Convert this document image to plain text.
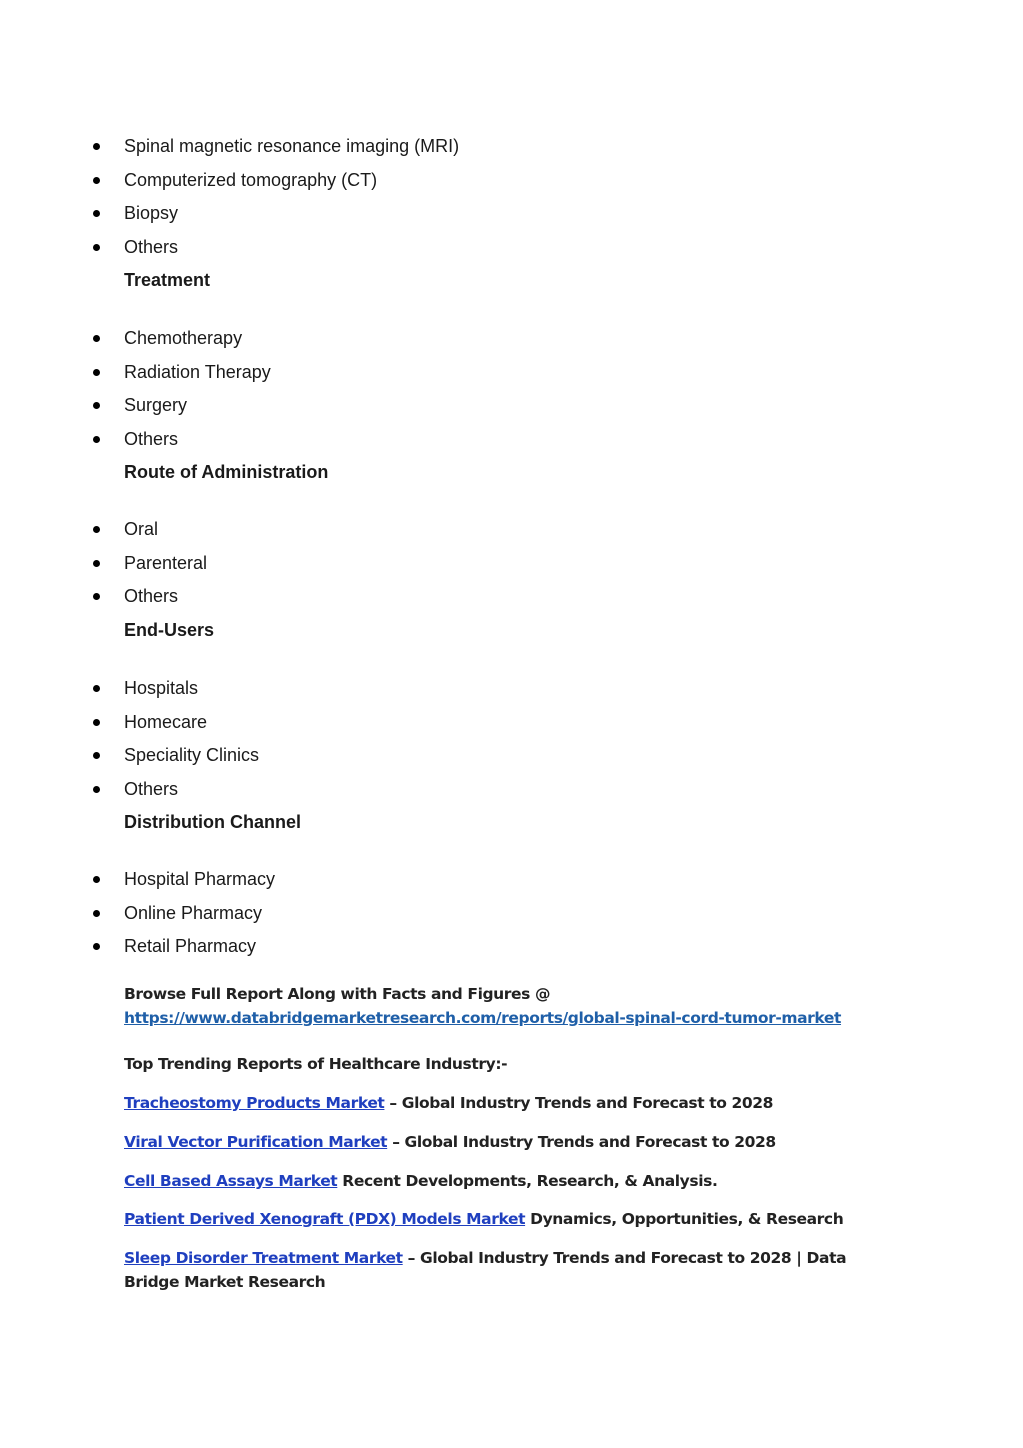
Spinal magnetic resonance imaging (MRI)
Computerized tomography (CT)
Biopsy
Others
Treatment
Chemotherapy
Radiation Therapy
Surgery
Others
Route of Administration
Oral
Parenteral
Others
End-Users
Hospitals
Homecare
Speciality Clinics
Others
Distribution Channel
Hospital Pharmacy
Online Pharmacy
Retail Pharmacy
Browse Full Report Along with Facts and Figures @
https://www.databridgemarketresearch.com/reports/global-spinal-cord-tumor-market
Top Trending Reports of Healthcare Industry:-
Tracheostomy Products Market – Global Industry Trends and Forecast to 2028
Viral Vector Purification Market – Global Industry Trends and Forecast to 2028
Cell Based Assays Market Recent Developments, Research, & Analysis.
Patient Derived Xenograft (PDX) Models Market Dynamics, Opportunities, & Research
Sleep Disorder Treatment Market – Global Industry Trends and Forecast to 2028 | Data Bridge Market Research
